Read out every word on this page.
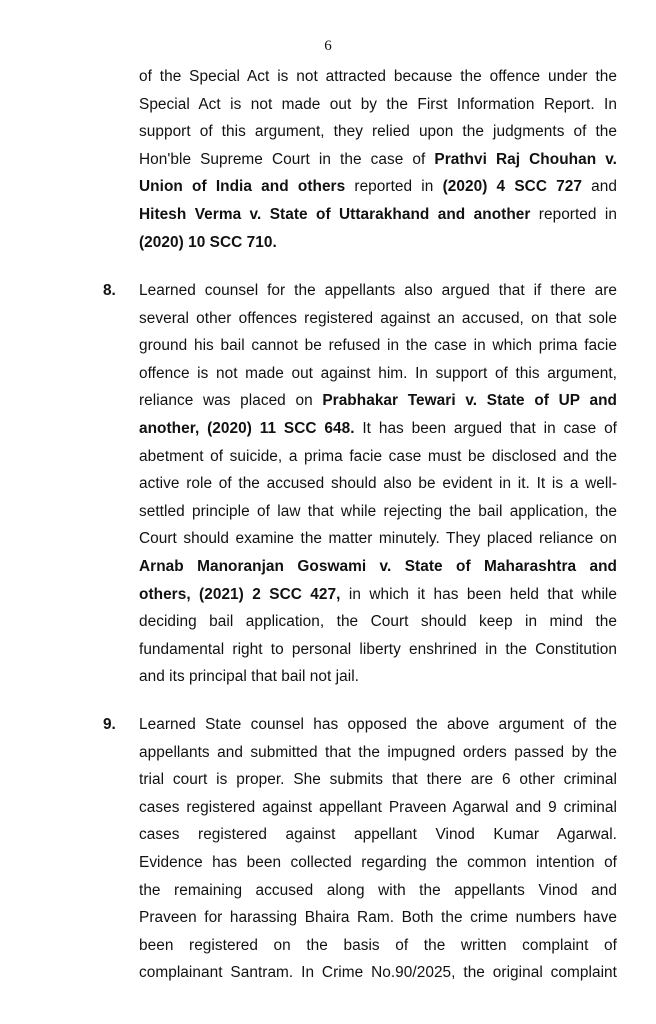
6
of the Special Act is not attracted because the offence under the
Special Act is not made out by the First Information Report. In
support of this argument, they relied upon the judgments of the
Hon'ble Supreme Court in the case of Prathvi Raj Chouhan v.
Union of India and others reported in (2020) 4 SCC 727 and
Hitesh Verma v. State of Uttarakhand and another reported in
(2020) 10 SCC 710.
8. Learned counsel for the appellants also argued that if there are
several other offences registered against an accused, on that sole
ground his bail cannot be refused in the case in which prima facie
offence is not made out against him. In support of this argument,
reliance was placed on Prabhakar Tewari v. State of UP and
another, (2020) 11 SCC 648. It has been argued that in case of
abetment of suicide, a prima facie case must be disclosed and the
active role of the accused should also be evident in it. It is a well-
settled principle of law that while rejecting the bail application, the
Court should examine the matter minutely. They placed reliance on
Arnab Manoranjan Goswami v. State of Maharashtra and
others, (2021) 2 SCC 427, in which it has been held that while
deciding bail application, the Court should keep in mind the
fundamental right to personal liberty enshrined in the Constitution
and its principal that bail not jail.
9. Learned State counsel has opposed the above argument of the
appellants and submitted that the impugned orders passed by the
trial court is proper. She submits that there are 6 other criminal
cases registered against appellant Praveen Agarwal and 9 criminal
cases registered against appellant Vinod Kumar Agarwal.
Evidence has been collected regarding the common intention of
the remaining accused along with the appellants Vinod and
Praveen for harassing Bhaira Ram. Both the crime numbers have
been registered on the basis of the written complaint of
complainant Santram. In Crime No.90/2025, the original complaint
